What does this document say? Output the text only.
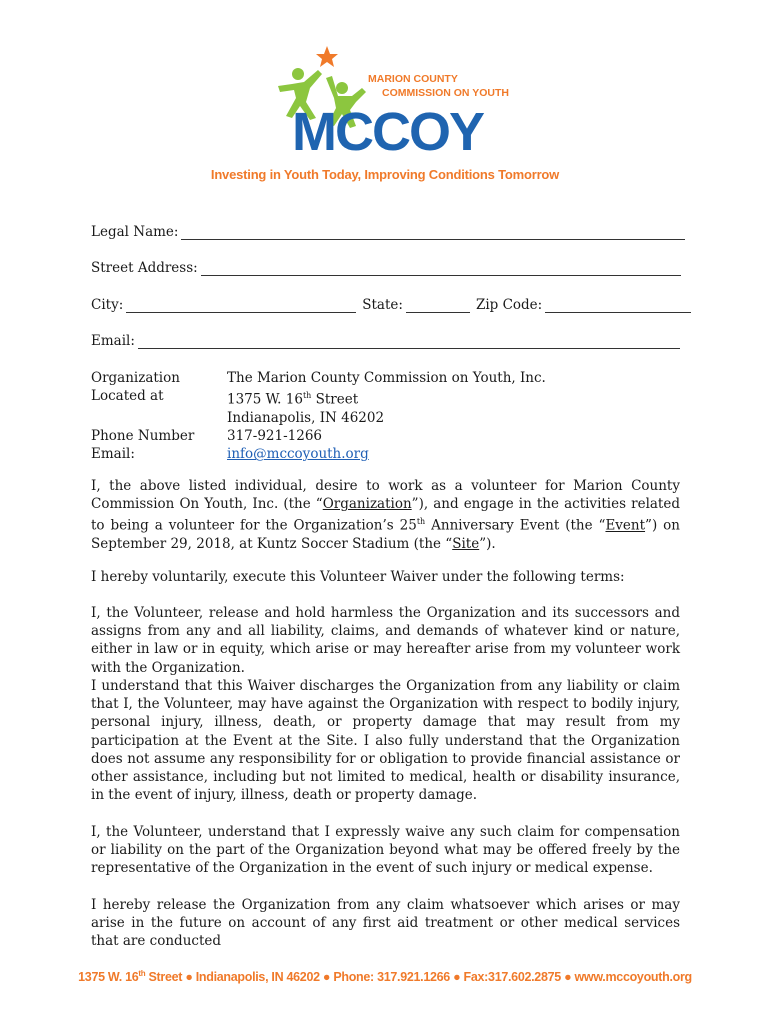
MARION COUNTY
COMMISSION ON YOUTH
MCCOY
Investing in Youth Today, Improving Conditions Tomorrow
Legal Name:
Street Address:
City:	State:	Zip Code:
Email:
Organization	The Marion County Commission on Youth, Inc.
Located at	1375 W. 16th Street
Indianapolis, IN 46202
Phone Number	317-921-1266
Email:	info@mccoyouth.org

I, the above listed individual, desire to work as a volunteer for Marion County Commission On Youth, Inc. (the “Organization”), and engage in the activities related to being a volunteer for the Organization’s 25th Anniversary Event (the “Event”) on September 29, 2018, at Kuntz Soccer Stadium (the “Site”).

I hereby voluntarily, execute this Volunteer Waiver under the following terms:

I, the Volunteer, release and hold harmless the Organization and its successors and assigns from any and all liability, claims, and demands of whatever kind or nature, either in law or in equity, which arise or may hereafter arise from my volunteer work with the Organization.

I understand that this Waiver discharges the Organization from any liability or claim that I, the Volunteer, may have against the Organization with respect to bodily injury, personal injury, illness, death, or property damage that may result from my participation at the Event at the Site. I also fully understand that the Organization does not assume any responsibility for or obligation to provide financial assistance or other assistance, including but not limited to medical, health or disability insurance, in the event of injury, illness, death or property damage.

I, the Volunteer, understand that I expressly waive any such claim for compensation or liability on the part of the Organization beyond what may be offered freely by the representative of the Organization in the event of such injury or medical expense.

I hereby release the Organization from any claim whatsoever which arises or may arise in the future on account of any first aid treatment or other medical services that are conducted

1375 W. 16th Street ● Indianapolis, IN 46202 ● Phone: 317.921.1266 ● Fax:317.602.2875 ● www.mccoyouth.org
